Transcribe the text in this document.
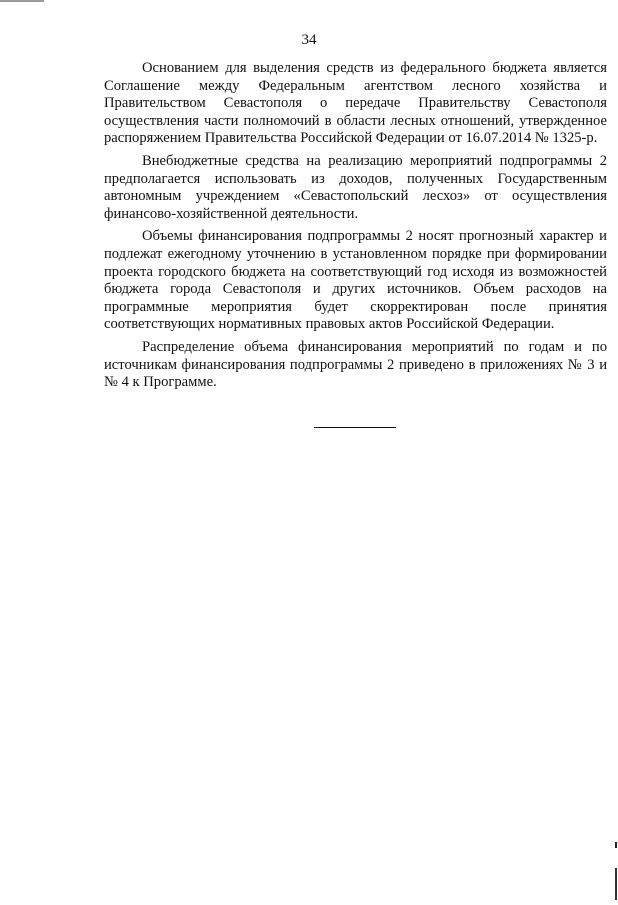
34

Основанием для выделения средств из федерального бюджета является Соглашение между Федеральным агентством лесного хозяйства и Правительством Севастополя о передаче Правительству Севастополя осуществления части полномочий в области лесных отношений, утвержденное распоряжением Правительства Российской Федерации от 16.07.2014 № 1325-р.

Внебюджетные средства на реализацию мероприятий подпрограммы 2 предполагается использовать из доходов, полученных Государственным автономным учреждением «Севастопольский лесхоз» от осуществления финансово-хозяйственной деятельности.

Объемы финансирования подпрограммы 2 носят прогнозный характер и подлежат ежегодному уточнению в установленном порядке при формировании проекта городского бюджета на соответствующий год исходя из возможностей бюджета города Севастополя и других источников. Объем расходов на программные мероприятия будет скорректирован после принятия соответствующих нормативных правовых актов Российской Федерации.

Распределение объема финансирования мероприятий по годам и по источникам финансирования подпрограммы 2 приведено в приложениях № 3 и № 4 к Программе.
